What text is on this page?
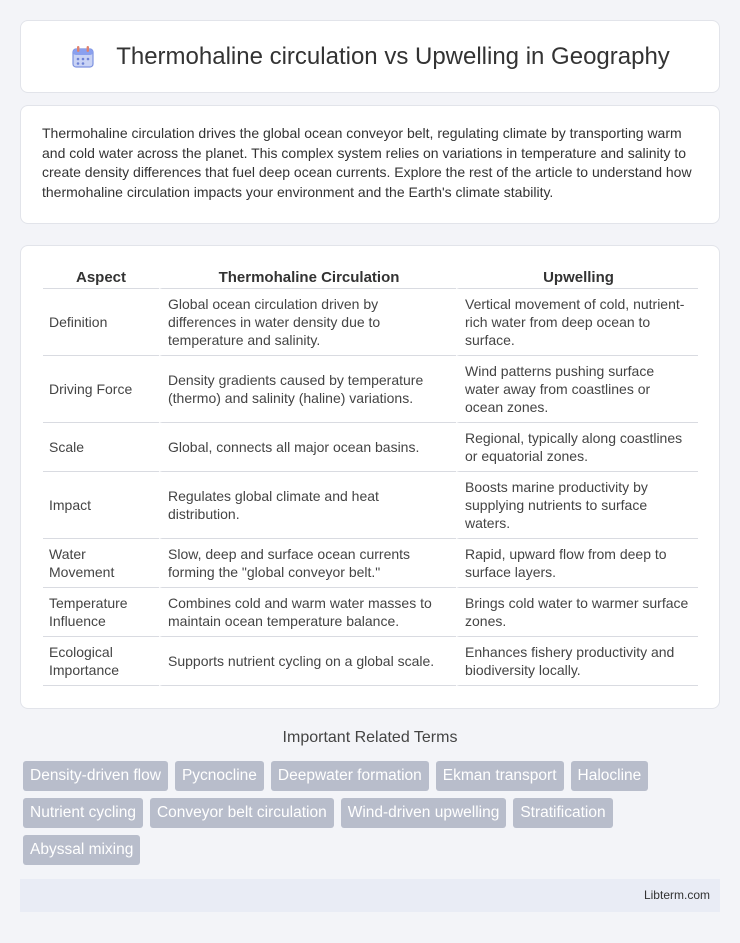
Thermohaline circulation vs Upwelling in Geography

Thermohaline circulation drives the global ocean conveyor belt, regulating climate by transporting warm and cold water across the planet. This complex system relies on variations in temperature and salinity to create density differences that fuel deep ocean currents. Explore the rest of the article to understand how thermohaline circulation impacts your environment and the Earth's climate stability.

Aspect	Thermohaline Circulation	Upwelling
Definition	Global ocean circulation driven by differences in water density due to temperature and salinity.	Vertical movement of cold, nutrient-rich water from deep ocean to surface.
Driving Force	Density gradients caused by temperature (thermo) and salinity (haline) variations.	Wind patterns pushing surface water away from coastlines or ocean zones.
Scale	Global, connects all major ocean basins.	Regional, typically along coastlines or equatorial zones.
Impact	Regulates global climate and heat distribution.	Boosts marine productivity by supplying nutrients to surface waters.
Water Movement	Slow, deep and surface ocean currents forming the "global conveyor belt."	Rapid, upward flow from deep to surface layers.
Temperature Influence	Combines cold and warm water masses to maintain ocean temperature balance.	Brings cold water to warmer surface zones.
Ecological Importance	Supports nutrient cycling on a global scale.	Enhances fishery productivity and biodiversity locally.
Important Related Terms
Density-driven flow	Pycnocline	Deepwater formation	Ekman transport	Halocline
Nutrient cycling	Conveyor belt circulation	Wind-driven upwelling	Stratification
Abyssal mixing
Libterm.com
